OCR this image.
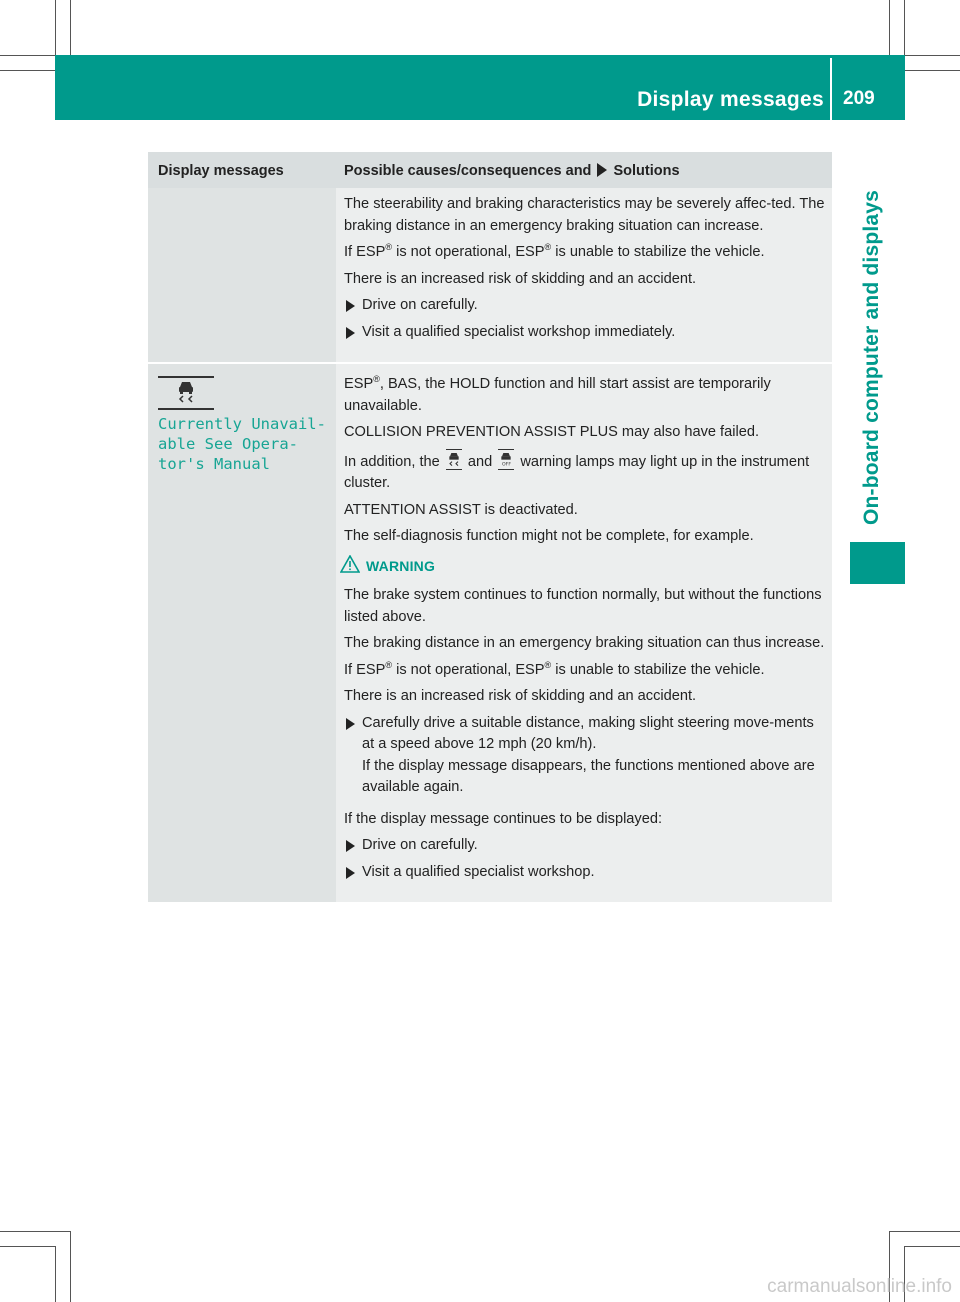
Display messages 209
On-board computer and displays
Display messages	Possible causes/consequences and Solutions

The steerability and braking characteristics may be severely affec-ted. The braking distance in an emergency braking situation can increase.

If ESP® is not operational, ESP® is unable to stabilize the vehicle.

There is an increased risk of skidding and an accident.

Drive on carefully.
Visit a qualified specialist workshop immediately.
Currently Unavail‐
able See Opera‐
tor's Manual

ESP®, BAS, the HOLD function and hill start assist are temporarily unavailable.

COLLISION PREVENTION ASSIST PLUS may also have failed.

In addition, the and OFF warning lamps may light up in the instrument cluster.

ATTENTION ASSIST is deactivated.

The self-diagnosis function might not be complete, for example.

WARNING

The brake system continues to function normally, but without the functions listed above.

The braking distance in an emergency braking situation can thus increase.

If ESP® is not operational, ESP® is unable to stabilize the vehicle.

There is an increased risk of skidding and an accident.

Carefully drive a suitable distance, making slight steering move-ments at a speed above 12 mph (20 km/h).

If the display message disappears, the functions mentioned above are available again.

If the display message continues to be displayed:

Drive on carefully.
Visit a qualified specialist workshop.
carmanualsonline.info
